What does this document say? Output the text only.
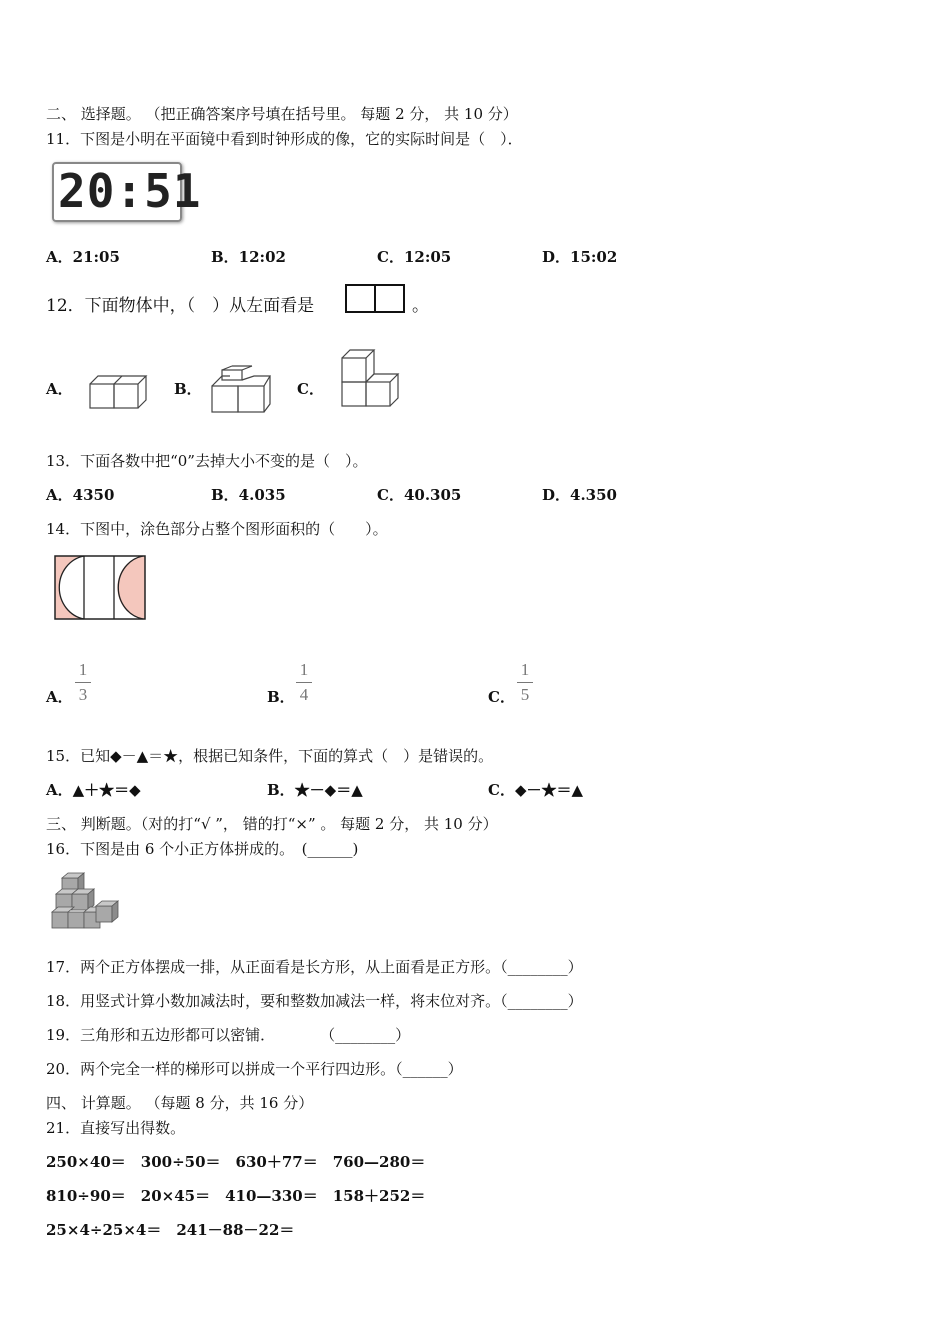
二、 选择题。 （把正确答案序号填在括号里。 每题 2 分， 共 10 分）
11．下图是小明在平面镜中看到时钟形成的像，它的实际时间是（　）．
20:51
A．21:05	B．12:02	C．12:05	D．15:02
12．下面物体中，（　）从左面看是	。
A．	B．	C．
13．下面各数中把“0”去掉大小不变的是（　）。
A．4350	B．4.035	C．40.305	D．4.350
14．下图中，涂色部分占整个图形面积的（　　）。
A．
1
3	B．
1
4	C．
1
5
15．已知◆－▲＝★，根据已知条件，下面的算式（　）是错误的。
A．▲＋★＝◆	B．★－◆＝▲	C．◆－★＝▲
三、 判断题。（对的打“√ ”， 错的打“×” 。 每题 2 分， 共 10 分）
16．下图是由 6 个小正方体拼成的。　(______)
17．两个正方体摆成一排，从正面看是长方形，从上面看是正方形。（________）
18．用竖式计算小数加减法时，要和整数加减法一样，将末位对齐。（________）
19．三角形和五边形都可以密铺．　　　　（________）
20．两个完全一样的梯形可以拼成一个平行四边形。（______）
四、 计算题。 （每题 8 分，共 16 分）
21．直接写出得数。
250×40＝　300÷50＝　630＋77＝　760—280＝
810÷90＝　20×45＝　410—330＝　158＋252＝
25×4÷25×4＝　241－88－22＝
